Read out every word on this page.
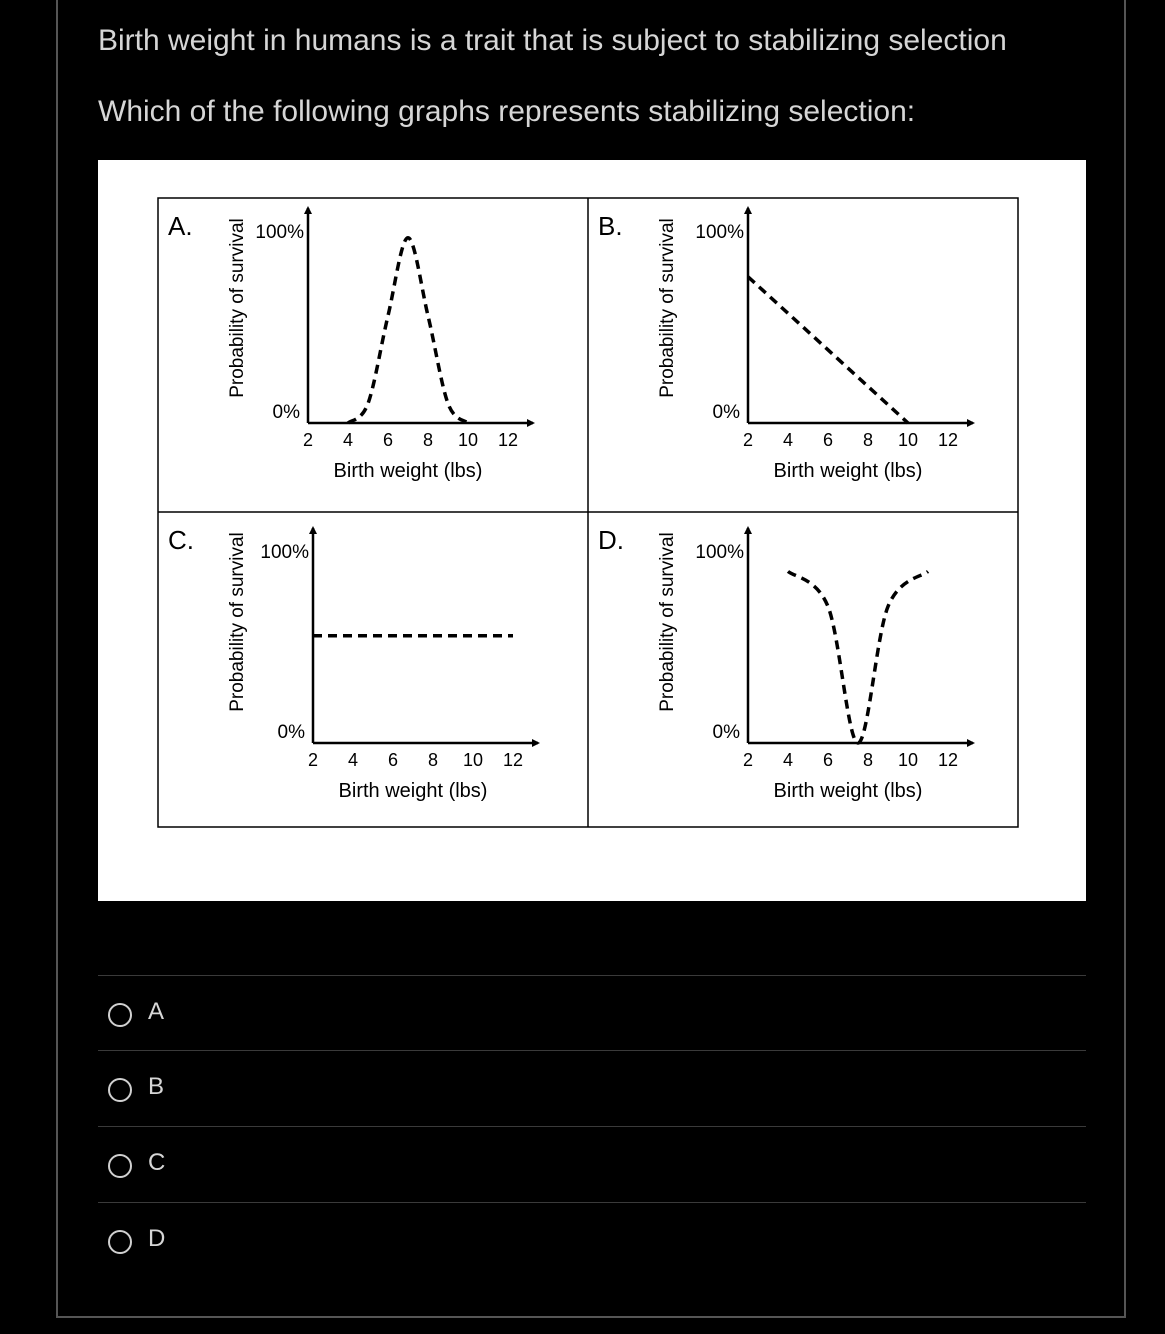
Birth weight in humans is a trait that is subject to stabilizing selection
Which of the following graphs represents stabilizing selection:
A. Probability of survival 100%
0%
2 4 6 8 10 12
Birth weight (lbs)
B. Probability of survival 100%
0%
2 4 6 8 10 12
Birth weight (lbs)
C. Probability of survival 100%
0%
2 4 6 8 10 12
Birth weight (lbs)
D. Probability of survival 100%
0%
2 4 6 8 10 12
Birth weight (lbs)
A
B
C
D
